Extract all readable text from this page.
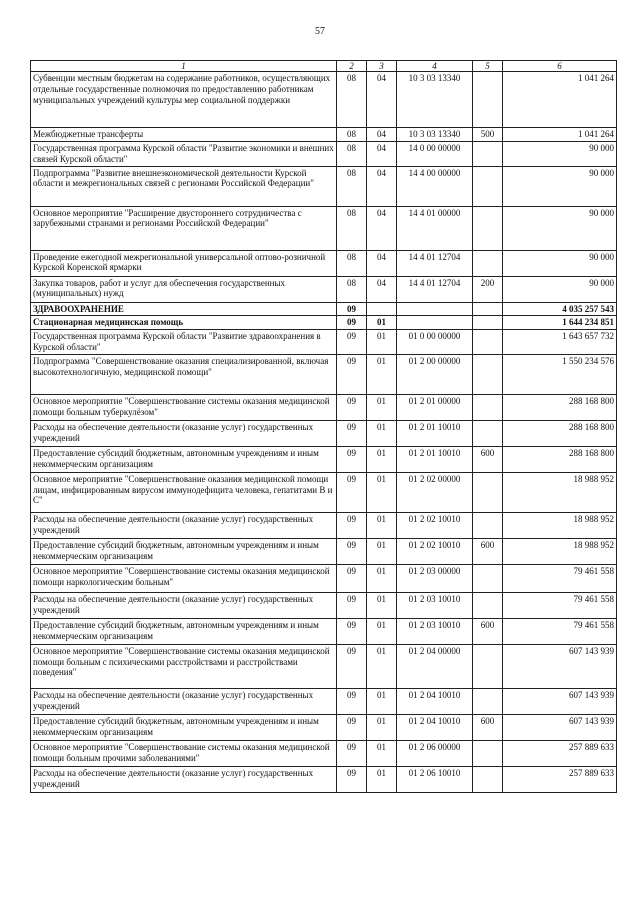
57
1	2	3	4	5	6
Субвенции местным бюджетам на содержание работников, осуществляющих отдельные государственные полномочия по предоставлению работникам муниципальных учреждений культуры мер социальной поддержки	08	04	10 3 03 13340		1 041 264
Межбюджетные трансферты	08	04	10 3 03 13340	500	1 041 264
Государственная программа Курской области "Развитие экономики и внешних связей Курской области"	08	04	14 0 00 00000		90 000
Подпрограмма "Развитие внешнеэкономической деятельности Курской области и межрегиональных связей с регионами Российской Федерации"	08	04	14 4 00 00000		90 000
Основное мероприятие "Расширение двустороннего сотрудничества с зарубежными странами и регионами Российской Федерации"	08	04	14 4 01 00000		90 000
Проведение ежегодной межрегиональной универсальной оптово-розничной Курской Коренской ярмарки	08	04	14 4 01 12704		90 000
Закупка товаров, работ и услуг для обеспечения государственных (муниципальных) нужд	08	04	14 4 01 12704	200	90 000
ЗДРАВООХРАНЕНИЕ	09				4 035 257 543
Стационарная медицинская помощь	09	01			1 644 234 851
Государственная программа Курской области "Развитие здравоохранения в Курской области"	09	01	01 0 00 00000		1 643 657 732
Подпрограмма "Совершенствование оказания специализированной, включая высокотехнологичную, медицинской помощи"	09	01	01 2 00 00000		1 550 234 576
Основное мероприятие "Совершенствование системы оказания медицинской помощи больным туберкулёзом"	09	01	01 2 01 00000		288 168 800
Расходы на обеспечение деятельности (оказание услуг) государственных учреждений	09	01	01 2 01 10010		288 168 800
Предоставление субсидий бюджетным, автономным учреждениям и иным некоммерческим организациям	09	01	01 2 01 10010	600	288 168 800
Основное мероприятие "Совершенствование оказания медицинской помощи лицам, инфицированным вирусом иммунодефицита человека, гепатитами В и С"	09	01	01 2 02 00000		18 988 952
Расходы на обеспечение деятельности (оказание услуг) государственных учреждений	09	01	01 2 02 10010		18 988 952
Предоставление субсидий бюджетным, автономным учреждениям и иным некоммерческим организациям	09	01	01 2 02 10010	600	18 988 952
Основное мероприятие "Совершенствование системы оказания медицинской помощи наркологическим больным"	09	01	01 2 03 00000		79 461 558
Расходы на обеспечение деятельности (оказание услуг) государственных учреждений	09	01	01 2 03 10010		79 461 558
Предоставление субсидий бюджетным, автономным учреждениям и иным некоммерческим организациям	09	01	01 2 03 10010	600	79 461 558
Основное мероприятие "Совершенствование системы оказания медицинской помощи больным с психическими расстройствами и расстройствами поведения"	09	01	01 2 04 00000		607 143 939
Расходы на обеспечение деятельности (оказание услуг) государственных учреждений	09	01	01 2 04 10010		607 143 939
Предоставление субсидий бюджетным, автономным учреждениям и иным некоммерческим организациям	09	01	01 2 04 10010	600	607 143 939
Основное мероприятие "Совершенствование системы оказания медицинской помощи больным прочими заболеваниями"	09	01	01 2 06 00000		257 889 633
Расходы на обеспечение деятельности (оказание услуг) государственных учреждений	09	01	01 2 06 10010		257 889 633
